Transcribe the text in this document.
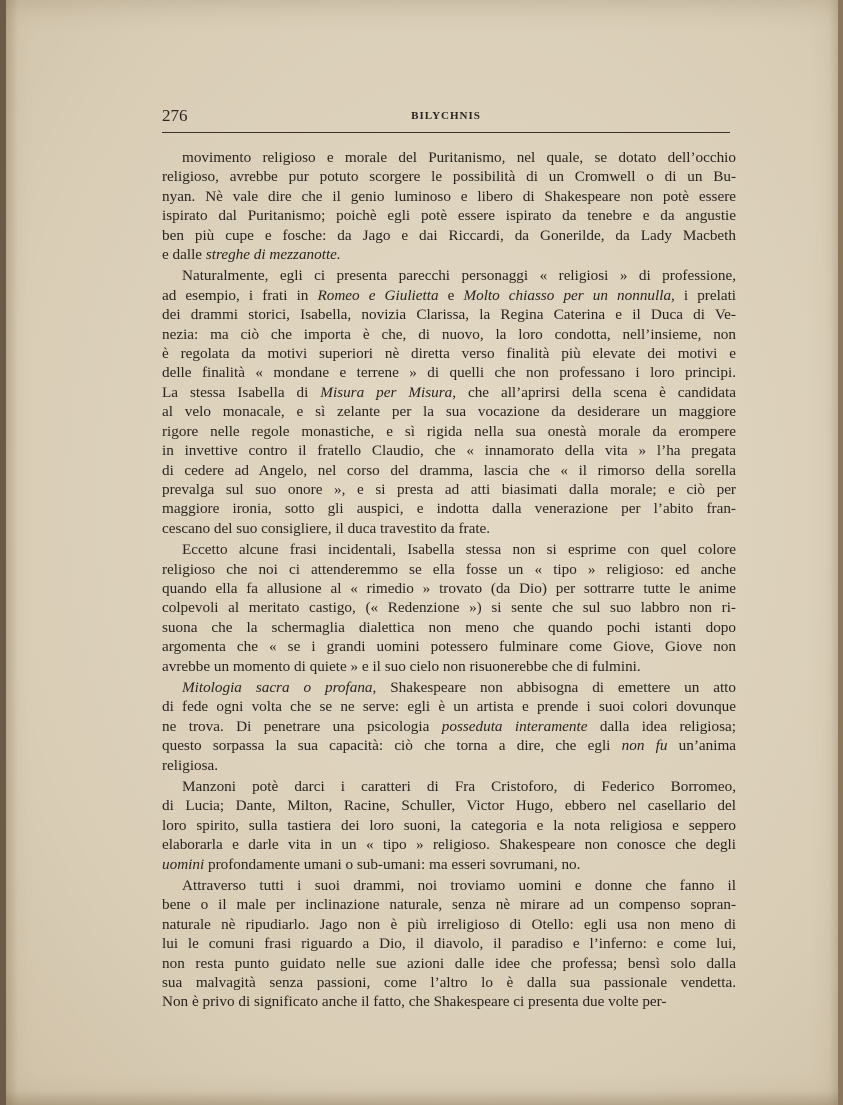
276	BILYCHNIS
movimento religioso e morale del Puritanismo, nel quale, se dotato dell’occhio
religioso, avrebbe pur potuto scorgere le possibilità di un Cromwell o di un Bu-
nyan. Nè vale dire che il genio luminoso e libero di Shakespeare non potè essere
ispirato dal Puritanismo; poichè egli potè essere ispirato da tenebre e da angustie
ben più cupe e fosche: da Jago e dai Riccardi, da Gonerilde, da Lady Macbeth
e dalle streghe di mezzanotte.
Naturalmente, egli ci presenta parecchi personaggi « religiosi » di professione,
ad esempio, i frati in Romeo e Giulietta e Molto chiasso per un nonnulla, i prelati
dei drammi storici, Isabella, novizia Clarissa, la Regina Caterina e il Duca di Ve-
nezia: ma ciò che importa è che, di nuovo, la loro condotta, nell’insieme, non
è regolata da motivi superiori nè diretta verso finalità più elevate dei motivi e
delle finalità « mondane e terrene » di quelli che non professano i loro principi.
La stessa Isabella di Misura per Misura, che all’aprirsi della scena è candidata
al velo monacale, e sì zelante per la sua vocazione da desiderare un maggiore
rigore nelle regole monastiche, e sì rigida nella sua onestà morale da erompere
in invettive contro il fratello Claudio, che « innamorato della vita » l’ha pregata
di cedere ad Angelo, nel corso del dramma, lascia che « il rimorso della sorella
prevalga sul suo onore », e si presta ad atti biasimati dalla morale; e ciò per
maggiore ironia, sotto gli auspici, e indotta dalla venerazione per l’abito fran-
cescano del suo consigliere, il duca travestito da frate.
Eccetto alcune frasi incidentali, Isabella stessa non si esprime con quel colore
religioso che noi ci attenderemmo se ella fosse un « tipo » religioso: ed anche
quando ella fa allusione al « rimedio » trovato (da Dio) per sottrarre tutte le anime
colpevoli al meritato castigo, (« Redenzione ») si sente che sul suo labbro non ri-
suona che la schermaglia dialettica non meno che quando pochi istanti dopo
argomenta che « se i grandi uomini potessero fulminare come Giove, Giove non
avrebbe un momento di quiete » e il suo cielo non risuonerebbe che di fulmini.
Mitologia sacra o profana, Shakespeare non abbisogna di emettere un atto
di fede ogni volta che se ne serve: egli è un artista e prende i suoi colori dovunque
ne trova. Di penetrare una psicologia posseduta interamente dalla idea religiosa;
questo sorpassa la sua capacità: ciò che torna a dire, che egli non fu un’anima
religiosa.
Manzoni potè darci i caratteri di Fra Cristoforo, di Federico Borromeo,
di Lucia; Dante, Milton, Racine, Schuller, Victor Hugo, ebbero nel casellario del
loro spirito, sulla tastiera dei loro suoni, la categoria e la nota religiosa e seppero
elaborarla e darle vita in un « tipo » religioso. Shakespeare non conosce che degli
uomini profondamente umani o sub-umani: ma esseri sovrumani, no.
Attraverso tutti i suoi drammi, noi troviamo uomini e donne che fanno il
bene o il male per inclinazione naturale, senza nè mirare ad un compenso sopran-
naturale nè ripudiarlo. Jago non è più irreligioso di Otello: egli usa non meno di
lui le comuni frasi riguardo a Dio, il diavolo, il paradiso e l’inferno: e come lui,
non resta punto guidato nelle sue azioni dalle idee che professa; bensì solo dalla
sua malvagità senza passioni, come l’altro lo è dalla sua passionale vendetta.
Non è privo di significato anche il fatto, che Shakespeare ci presenta due volte per-
